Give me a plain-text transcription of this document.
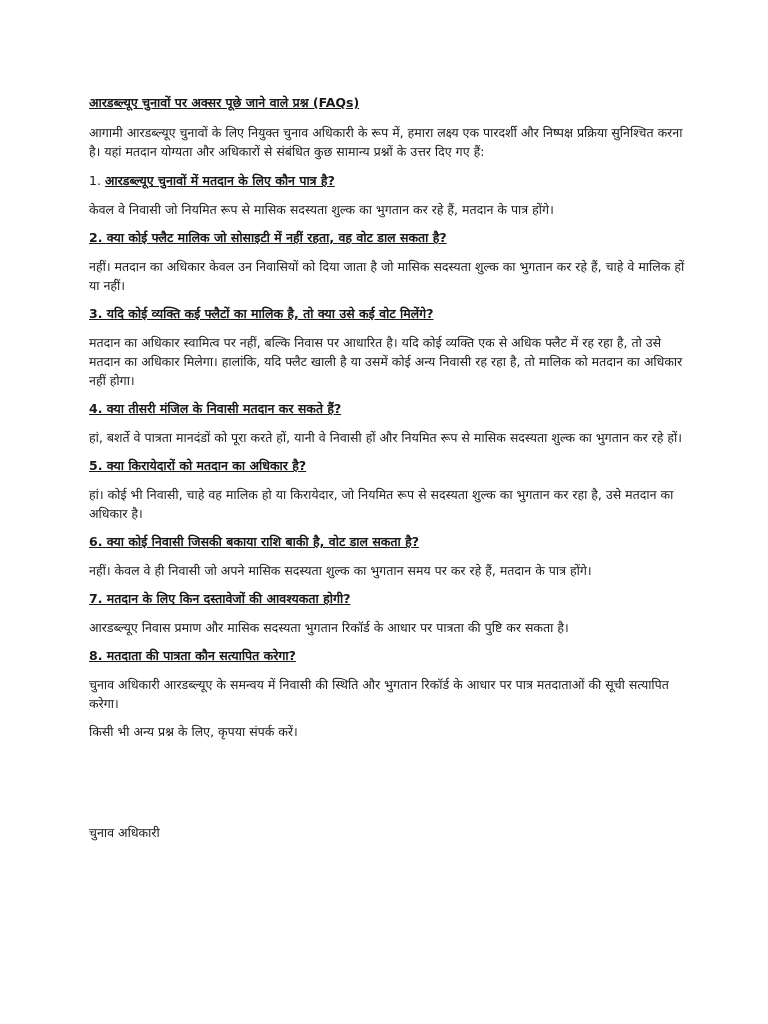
आरडब्ल्यूए चुनावों पर अक्सर पूछे जाने वाले प्रश्न (FAQs)

आगामी आरडब्ल्यूए चुनावों के लिए नियुक्त चुनाव अधिकारी के रूप में, हमारा लक्ष्य एक पारदर्शी और निष्पक्ष प्रक्रिया सुनिश्चित करना है। यहां मतदान योग्यता और अधिकारों से संबंधित कुछ सामान्य प्रश्नों के उत्तर दिए गए हैं:

1. आरडब्ल्यूए चुनावों में मतदान के लिए कौन पात्र है?

केवल वे निवासी जो नियमित रूप से मासिक सदस्यता शुल्क का भुगतान कर रहे हैं, मतदान के पात्र होंगे।

2. क्या कोई फ्लैट मालिक जो सोसाइटी में नहीं रहता, वह वोट डाल सकता है?

नहीं। मतदान का अधिकार केवल उन निवासियों को दिया जाता है जो मासिक सदस्यता शुल्क का भुगतान कर रहे हैं, चाहे वे मालिक हों या नहीं।

3. यदि कोई व्यक्ति कई फ्लैटों का मालिक है, तो क्या उसे कई वोट मिलेंगे?

मतदान का अधिकार स्वामित्व पर नहीं, बल्कि निवास पर आधारित है। यदि कोई व्यक्ति एक से अधिक फ्लैट में रह रहा है, तो उसे मतदान का अधिकार मिलेगा। हालांकि, यदि फ्लैट खाली है या उसमें कोई अन्य निवासी रह रहा है, तो मालिक को मतदान का अधिकार नहीं होगा।

4. क्या तीसरी मंजिल के निवासी मतदान कर सकते हैं?

हां, बशर्ते वे पात्रता मानदंडों को पूरा करते हों, यानी वे निवासी हों और नियमित रूप से मासिक सदस्यता शुल्क का भुगतान कर रहे हों।

5. क्या किरायेदारों को मतदान का अधिकार है?

हां। कोई भी निवासी, चाहे वह मालिक हो या किरायेदार, जो नियमित रूप से सदस्यता शुल्क का भुगतान कर रहा है, उसे मतदान का अधिकार है।

6. क्या कोई निवासी जिसकी बकाया राशि बाकी है, वोट डाल सकता है?

नहीं। केवल वे ही निवासी जो अपने मासिक सदस्यता शुल्क का भुगतान समय पर कर रहे हैं, मतदान के पात्र होंगे।

7. मतदान के लिए किन दस्तावेजों की आवश्यकता होगी?

आरडब्ल्यूए निवास प्रमाण और मासिक सदस्यता भुगतान रिकॉर्ड के आधार पर पात्रता की पुष्टि कर सकता है।

8. मतदाता की पात्रता कौन सत्यापित करेगा?

चुनाव अधिकारी आरडब्ल्यूए के समन्वय में निवासी की स्थिति और भुगतान रिकॉर्ड के आधार पर पात्र मतदाताओं की सूची सत्यापित करेगा।

किसी भी अन्य प्रश्न के लिए, कृपया संपर्क करें।

चुनाव अधिकारी
